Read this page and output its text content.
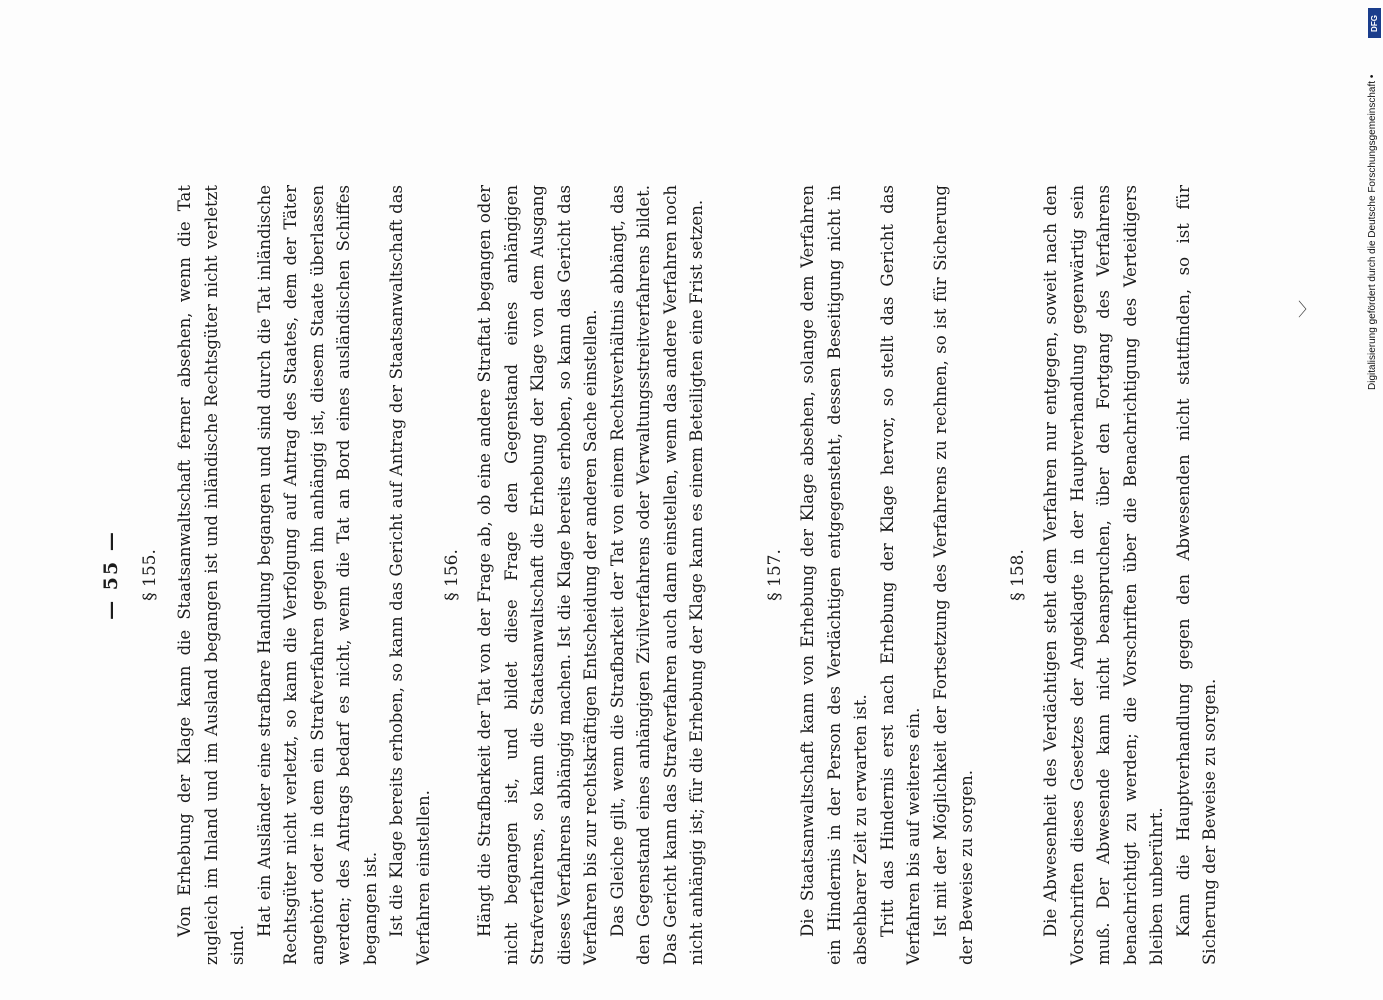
— 55 — § 155. Von Erhebung der Klage kann die Staatsanwaltschaft ferner absehen, wenn die Tat zugleich im Inland und im Ausland begangen ist und inländische Rechtsgüter nicht verletzt sind.

Hat ein Ausländer eine strafbare Handlung begangen und sind durch die Tat inländische Rechtsgüter nicht verletzt, so kann die Verfolgung auf Antrag des Staates, dem der Täter angehört oder in dem ein Strafverfahren gegen ihn anhängig ist, diesem Staate überlassen werden; des Antrags bedarf es nicht, wenn die Tat an Bord eines ausländischen Schiffes begangen ist. Ist die Klage bereits erhoben, so kann das Gericht auf Antrag der Staatsanwaltschaft das Verfahren einstellen.

§ 156. Hängt die Strafbarkeit der Tat von der Frage ab, ob eine andere Straftat begangen oder nicht begangen ist, und bildet diese Frage den Gegenstand eines anhängigen Strafverfahrens, so kann die Staatsanwaltschaft die Erhebung der Klage von dem Ausgang dieses Verfahrens abhängig machen. Ist die Klage bereits erhoben, so kann das Gericht das Verfahren bis zur rechtskräftigen Entscheidung der anderen Sache einstellen. Das Gleiche gilt, wenn die Strafbarkeit der Tat von einem Rechtsverhältnis abhängt, das den Gegenstand eines anhängigen Zivilverfahrens oder Verwaltungsstreitverfahrens bildet. Das Gericht kann das Strafverfahren auch dann einstellen, wenn das andere Verfahren noch nicht anhängig ist; für die Erhebung der Klage kann es einem Beteiligten eine Frist setzen.	§ 157. Die Staatsanwaltschaft kann von Erhebung der Klage absehen, solange dem Verfahren ein Hindernis in der Person des Verdächtigen entgegensteht, dessen Beseitigung nicht in absehbarer Zeit zu erwarten ist. Tritt das Hindernis erst nach Erhebung der Klage hervor, so stellt das Gericht das Verfahren bis auf weiteres ein. Ist mit der Möglichkeit der Fortsetzung des Verfahrens zu rechnen, so ist für Sicherung der Beweise zu sorgen.

§ 158. Die Abwesenheit des Verdächtigen steht dem Verfahren nur entgegen, soweit nach den Vorschriften dieses Gesetzes der Angeklagte in der Hauptverhandlung gegenwärtig sein muß. Der Abwesende kann nicht beanspruchen, über den Fortgang des Verfahrens benachrichtigt zu werden; die Vorschriften über die Benachrichtigung des Verteidigers bleiben unberührt. Kann die Hauptverhandlung gegen den Abwesenden nicht stattfinden, so ist für Sicherung der Beweise zu sorgen.

〉
DFG
Digitalisierung gefördert durch die Deutsche Forschungsgemeinschaft •
